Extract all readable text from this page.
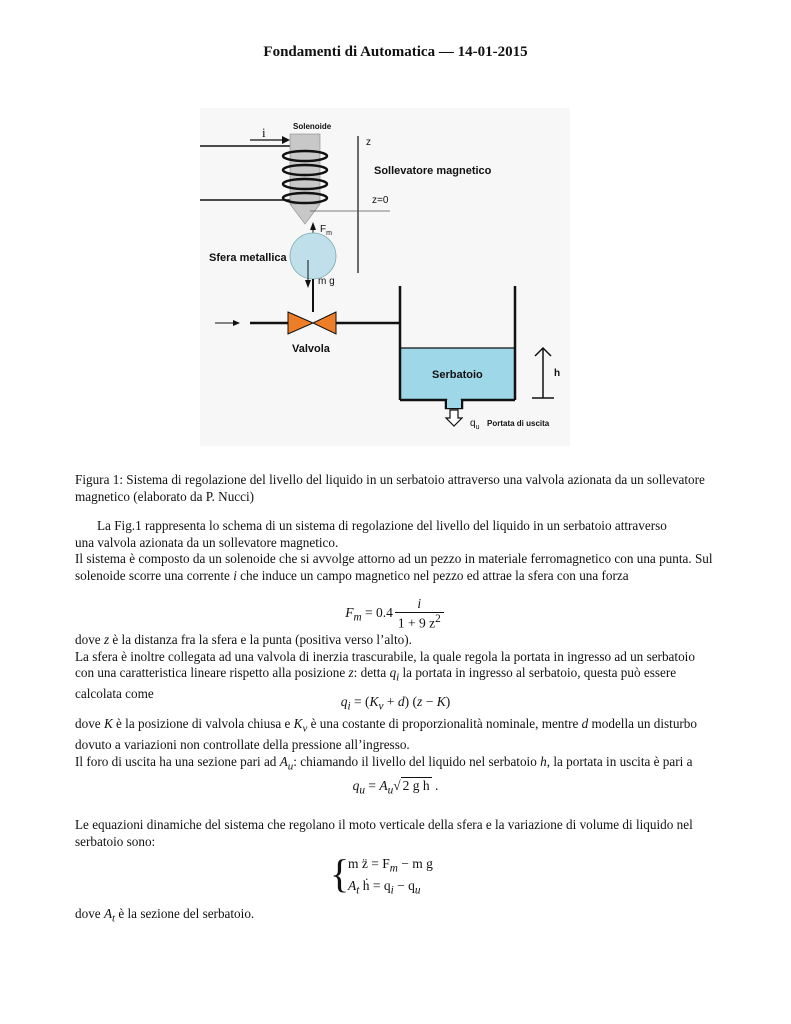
Fondamenti di Automatica — 14-01-2015
i	Solenoide
z
Sollevatore magnetico
z=0
$F_m$
Sfera metallica
m g
Valvola
Serbatoio	h
$q_u$ Portata di uscita

Figura 1: Sistema di regolazione del livello del liquido in un serbatoio attraverso una valvola azionata da un sollevatore magnetico (elaborato da P. Nucci)

La Fig.1 rappresenta lo schema di un sistema di regolazione del livello del liquido in un serbatoio attraverso
una valvola azionata da un sollevatore magnetico.

Il sistema è composto da un solenoide che si avvolge attorno ad un pezzo in materiale ferromagnetico con una punta. Sul solenoide scorre una corrente i che induce un campo magnetico nel pezzo ed attrae la sfera con una forza

$F_m = 0.4 \frac{i}{1 + 9 z^2}$

dove z è la distanza fra la sfera e la punta (positiva verso l’alto).

La sfera è inoltre collegata ad una valvola di inerzia trascurabile, la quale regola la portata in ingresso ad un serbatoio con una caratteristica lineare rispetto alla posizione z: detta $q_i$ la portata in ingresso al serbatoio, questa può essere calcolata come

$q_i = (K_v + d) (z - K)$

dove K è la posizione di valvola chiusa e $K_v$ è una costante di proporzionalità nominale, mentre d modella un disturbo dovuto a variazioni non controllate della pressione all’ingresso.

Il foro di uscita ha una sezione pari ad $A_u$: chiamando il livello del liquido nel serbatoio h, la portata in uscita è pari a

$q_u = A_u√$ 2 g h .

Le equazioni dinamiche del sistema che regolano il moto verticale della sfera e la variazione di volume di liquido nel serbatoio sono:

{
m z̈ = $F_m - m$ g
$A_t$ ḣ = $q_i - q_u$

dove $A_t$ è la sezione del serbatoio.
